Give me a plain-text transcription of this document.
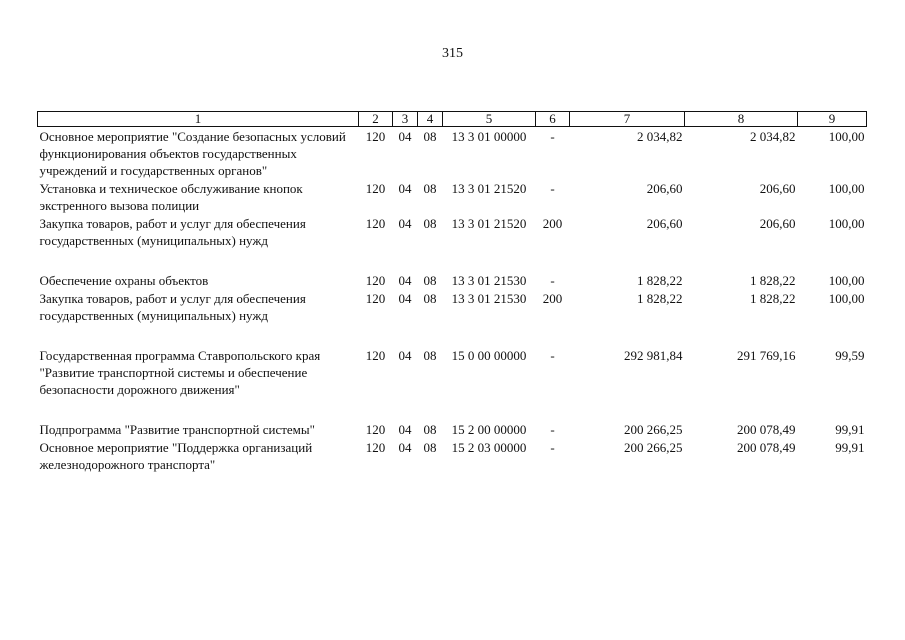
315
1	2	3	4	5	6	7	8	9
Основное мероприятие "Создание безопасных условий функционирования объектов государственных учреждений и государственных органов"	120	04	08	13 3 01 00000	-	2 034,82	2 034,82	100,00
Установка и техническое обслуживание кнопок экстренного вызова полиции	120	04	08	13 3 01 21520	-	206,60	206,60	100,00
Закупка товаров, работ и услуг для обеспечения государственных (муниципальных) нужд	120	04	08	13 3 01 21520	200	206,60	206,60	100,00

Обеспечение охраны объектов	120	04	08	13 3 01 21530	-	1 828,22	1 828,22	100,00
Закупка товаров, работ и услуг для обеспечения государственных (муниципальных) нужд	120	04	08	13 3 01 21530	200	1 828,22	1 828,22	100,00

Государственная программа Ставропольского края "Развитие транспортной системы и обеспечение безопасности дорожного движения"	120	04	08	15 0 00 00000	-	292 981,84	291 769,16	99,59

Подпрограмма "Развитие транспортной системы"	120	04	08	15 2 00 00000	-	200 266,25	200 078,49	99,91
Основное мероприятие "Поддержка организаций железнодорожного транспорта"	120	04	08	15 2 03 00000	-	200 266,25	200 078,49	99,91
